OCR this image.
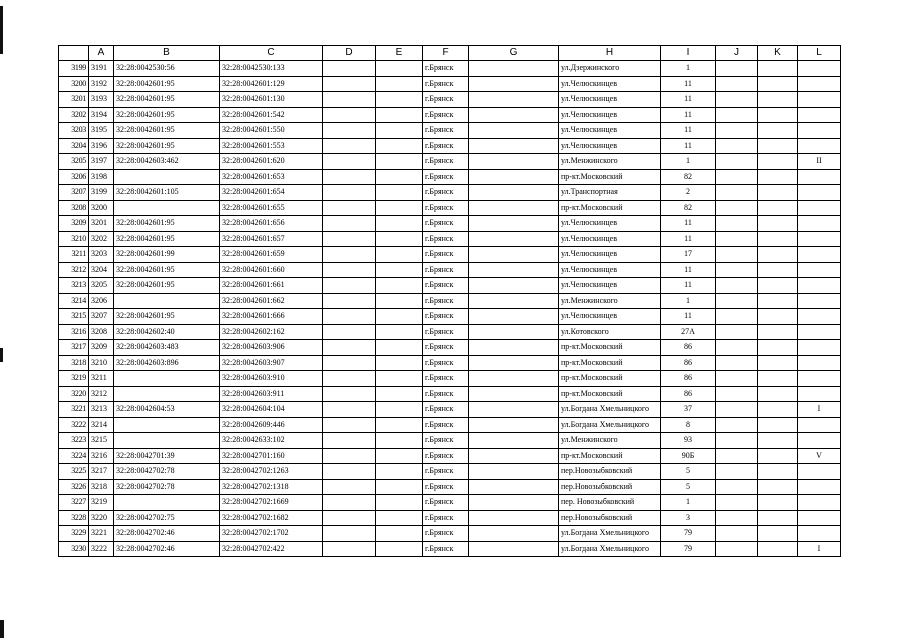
	A	B	C	D	E	F	G	H	I	J	K	L
3199	3191	32:28:0042530:56	32:28:0042530:133			г.Брянск		ул.Дзержинского	1			
3200	3192	32:28:0042601:95	32:28:0042601:129			г.Брянск		ул.Челюскинцев	11			
3201	3193	32:28:0042601:95	32:28:0042601:130			г.Брянск		ул.Челюскинцев	11			
3202	3194	32:28:0042601:95	32:28:0042601:542			г.Брянск		ул.Челюскинцев	11			
3203	3195	32:28:0042601:95	32:28:0042601:550			г.Брянск		ул.Челюскинцев	11			
3204	3196	32:28:0042601:95	32:28:0042601:553			г.Брянск		ул.Челюскинцев	11			
3205	3197	32:28:0042603:462	32:28:0042601:620			г.Брянск		ул.Менжинского	1			II
3206	3198		32:28:0042601:653			г.Брянск		пр-кт.Московский	82			
3207	3199	32:28:0042601:105	32:28:0042601:654			г.Брянск		ул.Транспортная	2			
3208	3200		32:28:0042601:655			г.Брянск		пр-кт.Московский	82			
3209	3201	32:28:0042601:95	32:28:0042601:656			г.Брянск		ул.Челюскинцев	11			
3210	3202	32:28:0042601:95	32:28:0042601:657			г.Брянск		ул.Челюскинцев	11			
3211	3203	32:28:0042601:99	32:28:0042601:659			г.Брянск		ул.Челюскинцев	17			
3212	3204	32:28:0042601:95	32:28:0042601:660			г.Брянск		ул.Челюскинцев	11			
3213	3205	32:28:0042601:95	32:28:0042601:661			г.Брянск		ул.Челюскинцев	11			
3214	3206		32:28:0042601:662			г.Брянск		ул.Менжинского	1			
3215	3207	32:28:0042601:95	32:28:0042601:666			г.Брянск		ул.Челюскинцев	11			
3216	3208	32:28:0042602:40	32:28:0042602:162			г.Брянск		ул.Котовского	27А			
3217	3209	32:28:0042603:483	32:28:0042603:906			г.Брянск		пр-кт.Московский	86			
3218	3210	32:28:0042603:896	32:28:0042603:907			г.Брянск		пр-кт.Московский	86			
3219	3211		32:28:0042603:910			г.Брянск		пр-кт.Московский	86			
3220	3212		32:28:0042603:911			г.Брянск		пр-кт.Московский	86			
3221	3213	32:28:0042604:53	32:28:0042604:104			г.Брянск		ул.Богдана Хмельницкого	37			I
3222	3214		32:28:0042609:446			г.Брянск		ул.Богдана Хмельницкого	8			
3223	3215		32:28:0042633:102			г.Брянск		ул.Менжинского	93			
3224	3216	32:28:0042701:39	32:28:0042701:160			г.Брянск		пр-кт.Московский	90Б			V
3225	3217	32:28:0042702:78	32:28:0042702:1263			г.Брянск		пер.Новозыбковский	5			
3226	3218	32:28:0042702:78	32:28:0042702:1318			г.Брянск		пер.Новозыбковский	5			
3227	3219		32:28:0042702:1669			г.Брянск		пер. Новозыбковский	1			
3228	3220	32:28:0042702:75	32:28:0042702:1682			г.Брянск		пер.Новозыбковский	3			
3229	3221	32:28:0042702:46	32:28:0042702:1702			г.Брянск		ул.Богдана Хмельницкого	79			
3230	3222	32:28:0042702:46	32:28:0042702:422			г.Брянск		ул.Богдана Хмельницкого	79			I
